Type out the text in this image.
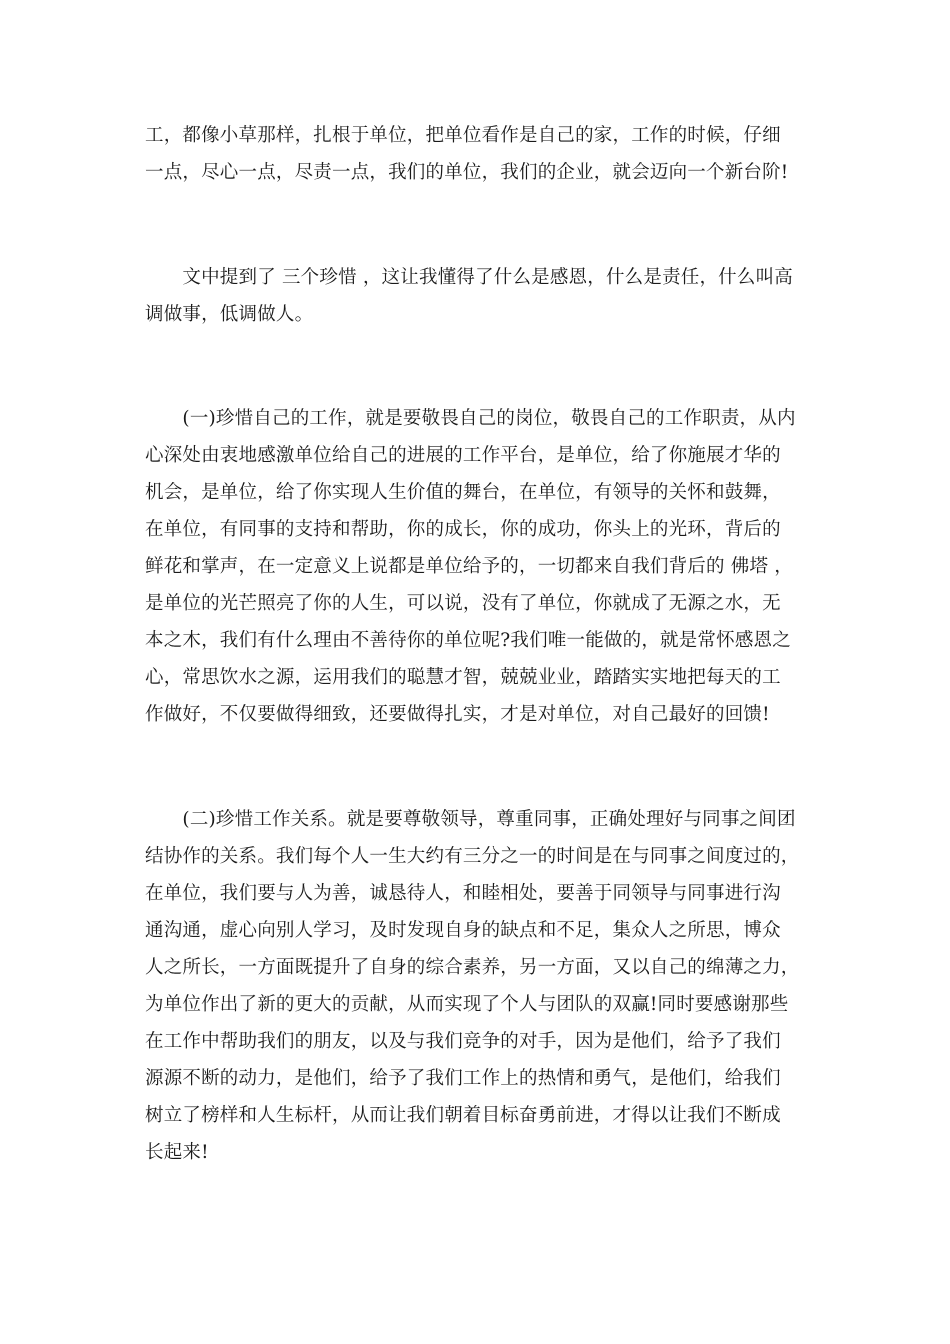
工，都像小草那样，扎根于单位，把单位看作是自己的家，工作的时候，仔细
一点，尽心一点，尽责一点，我们的单位，我们的企业，就会迈向一个新台阶!
　　文中提到了 三个珍惜 ，这让我懂得了什么是感恩，什么是责任，什么叫高
调做事，低调做人。
　　(一)珍惜自己的工作，就是要敬畏自己的岗位，敬畏自己的工作职责，从内
心深处由衷地感激单位给自己的进展的工作平台，是单位，给了你施展才华的
机会，是单位，给了你实现人生价值的舞台，在单位，有领导的关怀和鼓舞，
在单位，有同事的支持和帮助，你的成长，你的成功，你头上的光环，背后的
鲜花和掌声，在一定意义上说都是单位给予的，一切都来自我们背后的 佛塔 ，
是单位的光芒照亮了你的人生，可以说，没有了单位，你就成了无源之水，无
本之木，我们有什么理由不善待你的单位呢?我们唯一能做的，就是常怀感恩之
心，常思饮水之源，运用我们的聪慧才智，兢兢业业，踏踏实实地把每天的工
作做好，不仅要做得细致，还要做得扎实，才是对单位，对自己最好的回馈!
　　(二)珍惜工作关系。就是要尊敬领导，尊重同事，正确处理好与同事之间团
结协作的关系。我们每个人一生大约有三分之一的时间是在与同事之间度过的，
在单位，我们要与人为善，诚恳待人，和睦相处，要善于同领导与同事进行沟
通沟通，虚心向别人学习，及时发现自身的缺点和不足，集众人之所思，博众
人之所长，一方面既提升了自身的综合素养，另一方面，又以自己的绵薄之力，
为单位作出了新的更大的贡献，从而实现了个人与团队的双赢!同时要感谢那些
在工作中帮助我们的朋友，以及与我们竞争的对手，因为是他们，给予了我们
源源不断的动力，是他们，给予了我们工作上的热情和勇气，是他们，给我们
树立了榜样和人生标杆，从而让我们朝着目标奋勇前进，才得以让我们不断成
长起来!
